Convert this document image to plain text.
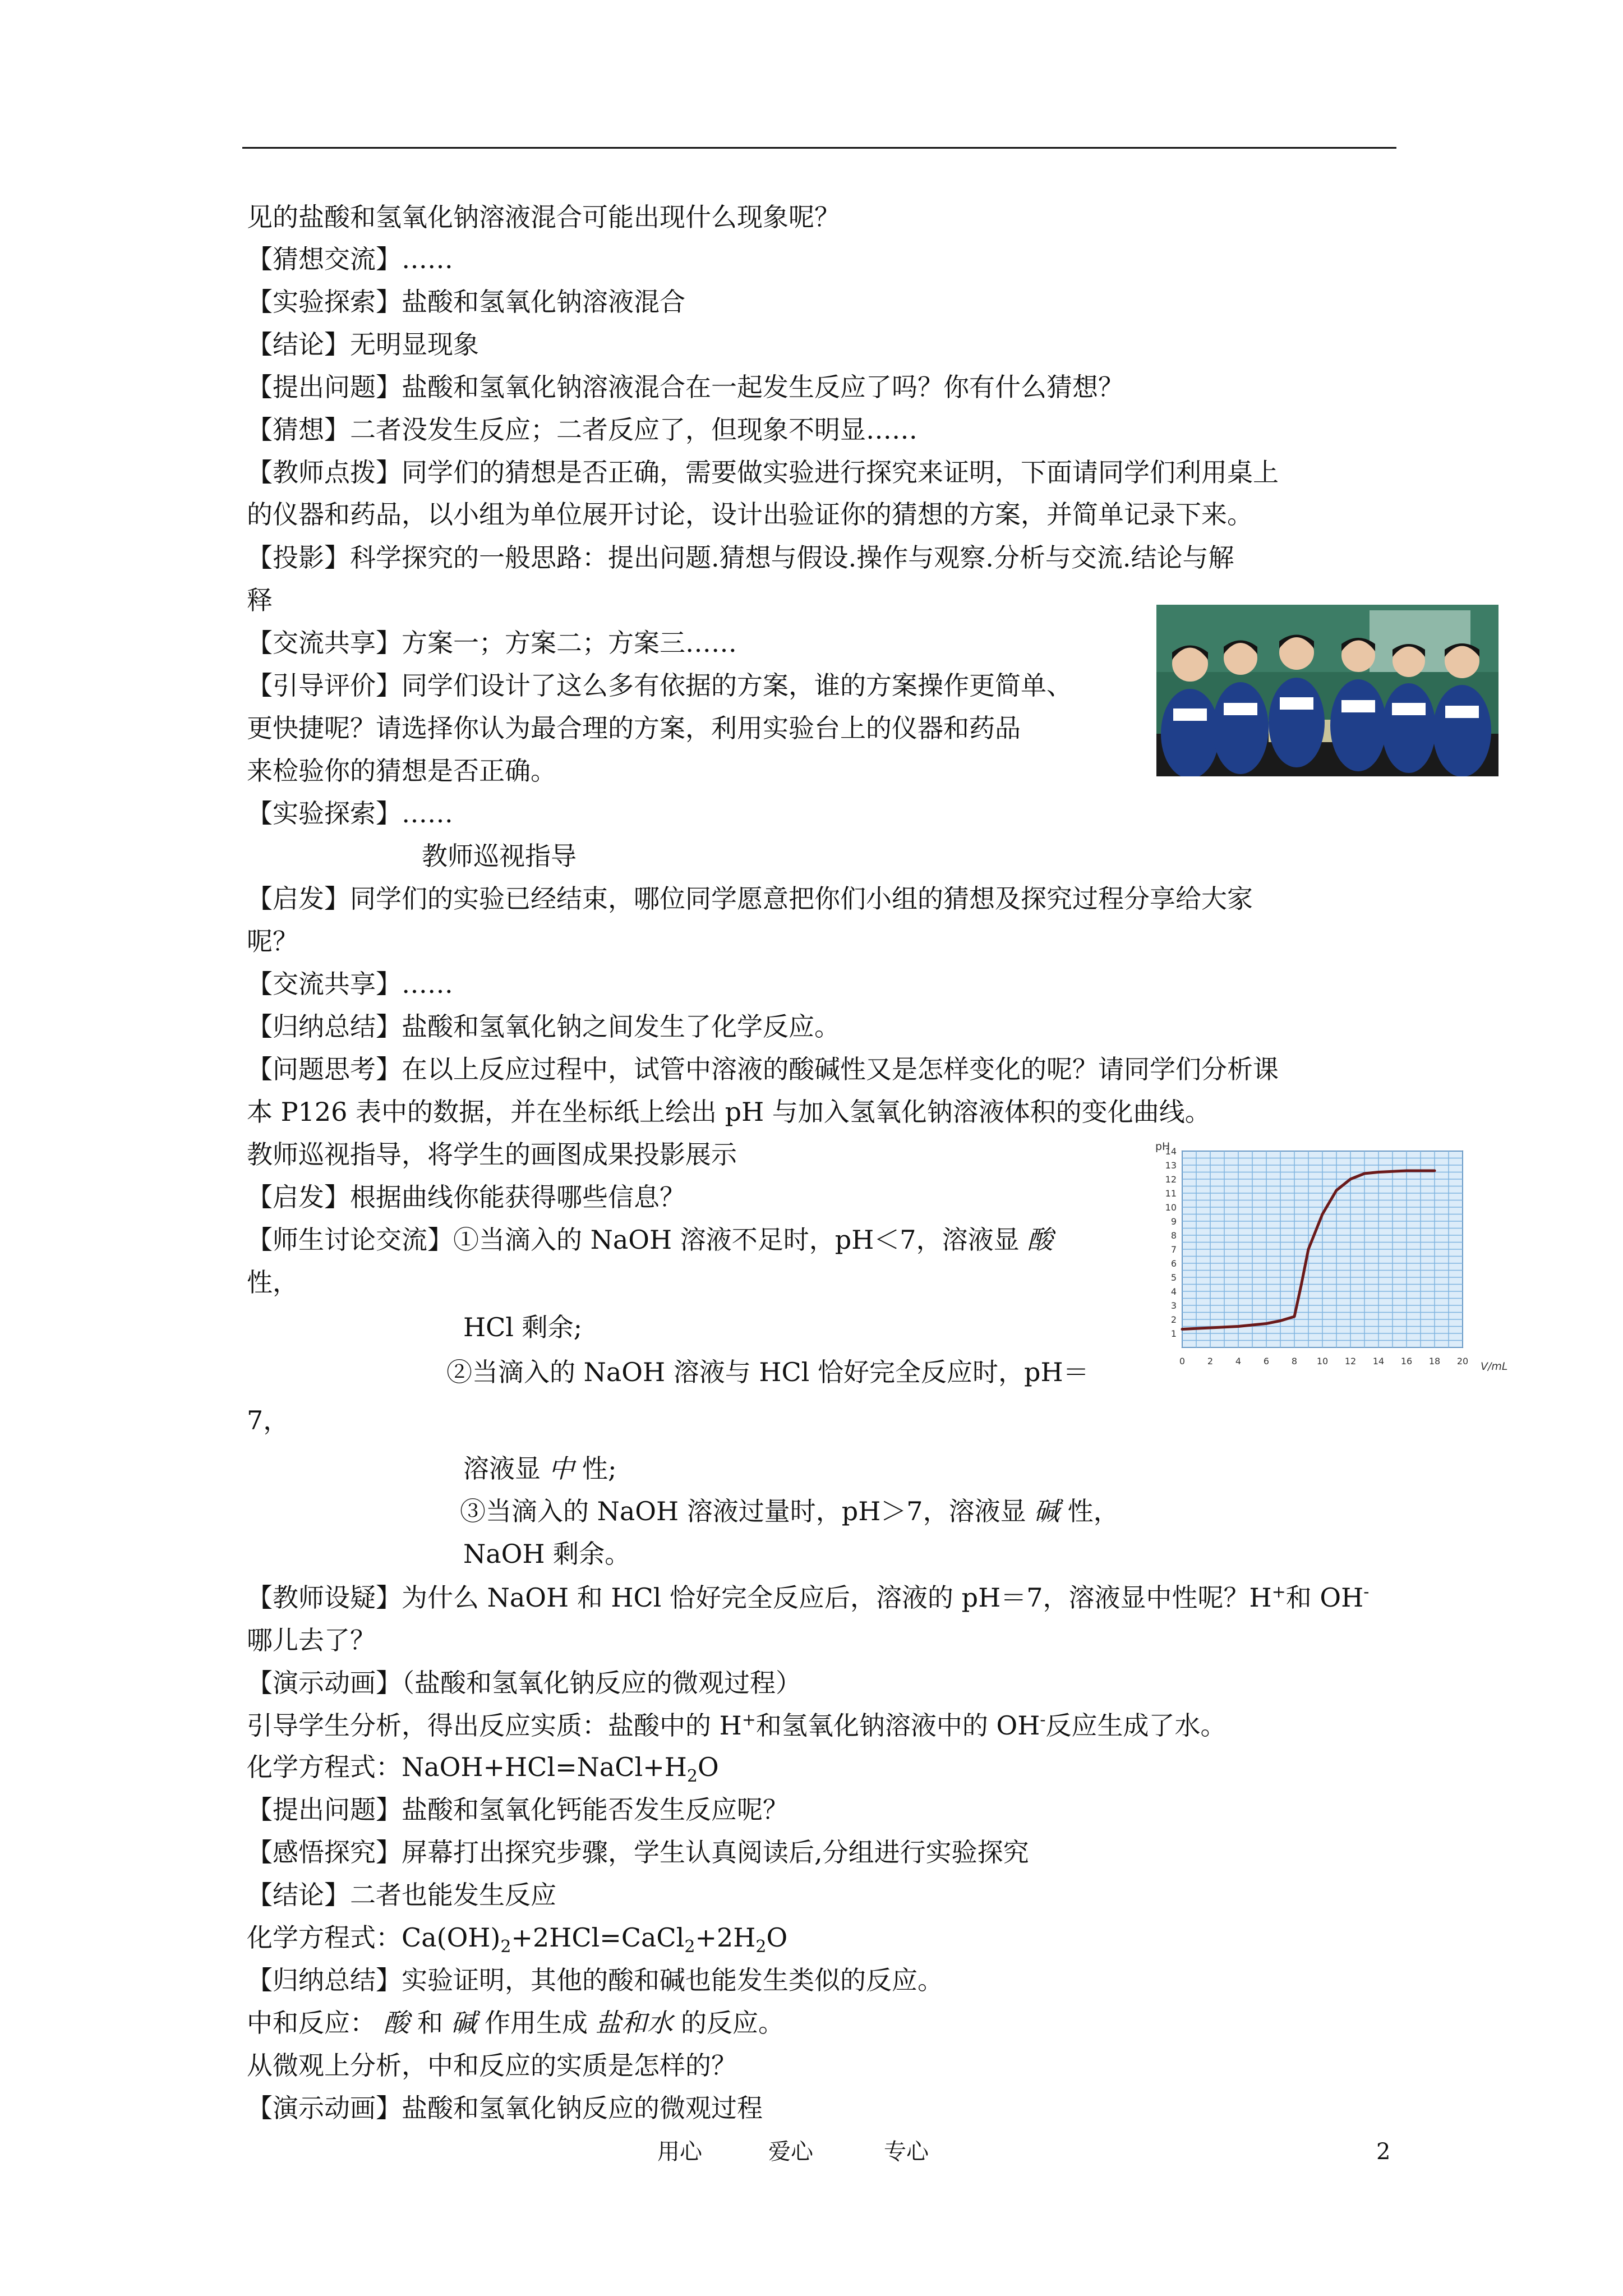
见的盐酸和氢氧化钠溶液混合可能出现什么现象呢？
【猜想交流】……
【实验探索】盐酸和氢氧化钠溶液混合
【结论】无明显现象
【提出问题】盐酸和氢氧化钠溶液混合在一起发生反应了吗？你有什么猜想？
【猜想】二者没发生反应；二者反应了，但现象不明显……
【教师点拨】同学们的猜想是否正确，需要做实验进行探究来证明，下面请同学们利用桌上
的仪器和药品，以小组为单位展开讨论，设计出验证你的猜想的方案，并简单记录下来。
【投影】科学探究的一般思路：提出问题.猜想与假设.操作与观察.分析与交流.结论与解
释
【交流共享】方案一；方案二；方案三……
【引导评价】同学们设计了这么多有依据的方案，谁的方案操作更简单、
更快捷呢？请选择你认为最合理的方案，利用实验台上的仪器和药品
来检验你的猜想是否正确。
【实验探索】……
教师巡视指导
【启发】同学们的实验已经结束，哪位同学愿意把你们小组的猜想及探究过程分享给大家
呢？
【交流共享】……
【归纳总结】盐酸和氢氧化钠之间发生了化学反应。
【问题思考】在以上反应过程中，试管中溶液的酸碱性又是怎样变化的呢？请同学们分析课
本 P126 表中的数据，并在坐标纸上绘出 pH 与加入氢氧化钠溶液体积的变化曲线。
教师巡视指导，将学生的画图成果投影展示
【启发】根据曲线你能获得哪些信息？
【师生讨论交流】①当滴入的 NaOH 溶液不足时，pH＜7，溶液显 酸
性，
HCl 剩余;
②当滴入的 NaOH 溶液与 HCl 恰好完全反应时，pH＝
7，
溶液显 中 性;
③当滴入的 NaOH 溶液过量时，pH＞7，溶液显 碱 性，
NaOH 剩余。
【教师设疑】为什么 NaOH 和 HCl 恰好完全反应后，溶液的 pH＝7，溶液显中性呢？H+和 OH-
哪儿去了？
【演示动画】（盐酸和氢氧化钠反应的微观过程）
引导学生分析，得出反应实质：盐酸中的 H+和氢氧化钠溶液中的 OH-反应生成了水。
化学方程式：$NaOH+HCl=NaCl+H_2O$
【提出问题】盐酸和氢氧化钙能否发生反应呢？
【感悟探究】屏幕打出探究步骤，学生认真阅读后,分组进行实验探究
【结论】二者也能发生反应
化学方程式：$Ca(OH)_2+2HCl=CaCl_2+2H_2O$
【归纳总结】实验证明，其他的酸和碱也能发生类似的反应。
中和反应： 酸 和 碱 作用生成 盐和水 的反应。
从微观上分析，中和反应的实质是怎样的？
【演示动画】盐酸和氢氧化钠反应的微观过程
1
2
3
4
5
6
7
8
9
10
11
12
13
14
0 2 4 6 8 10 12 14 16 18 20
pH
V/mL
用心	爱心	专心	2
